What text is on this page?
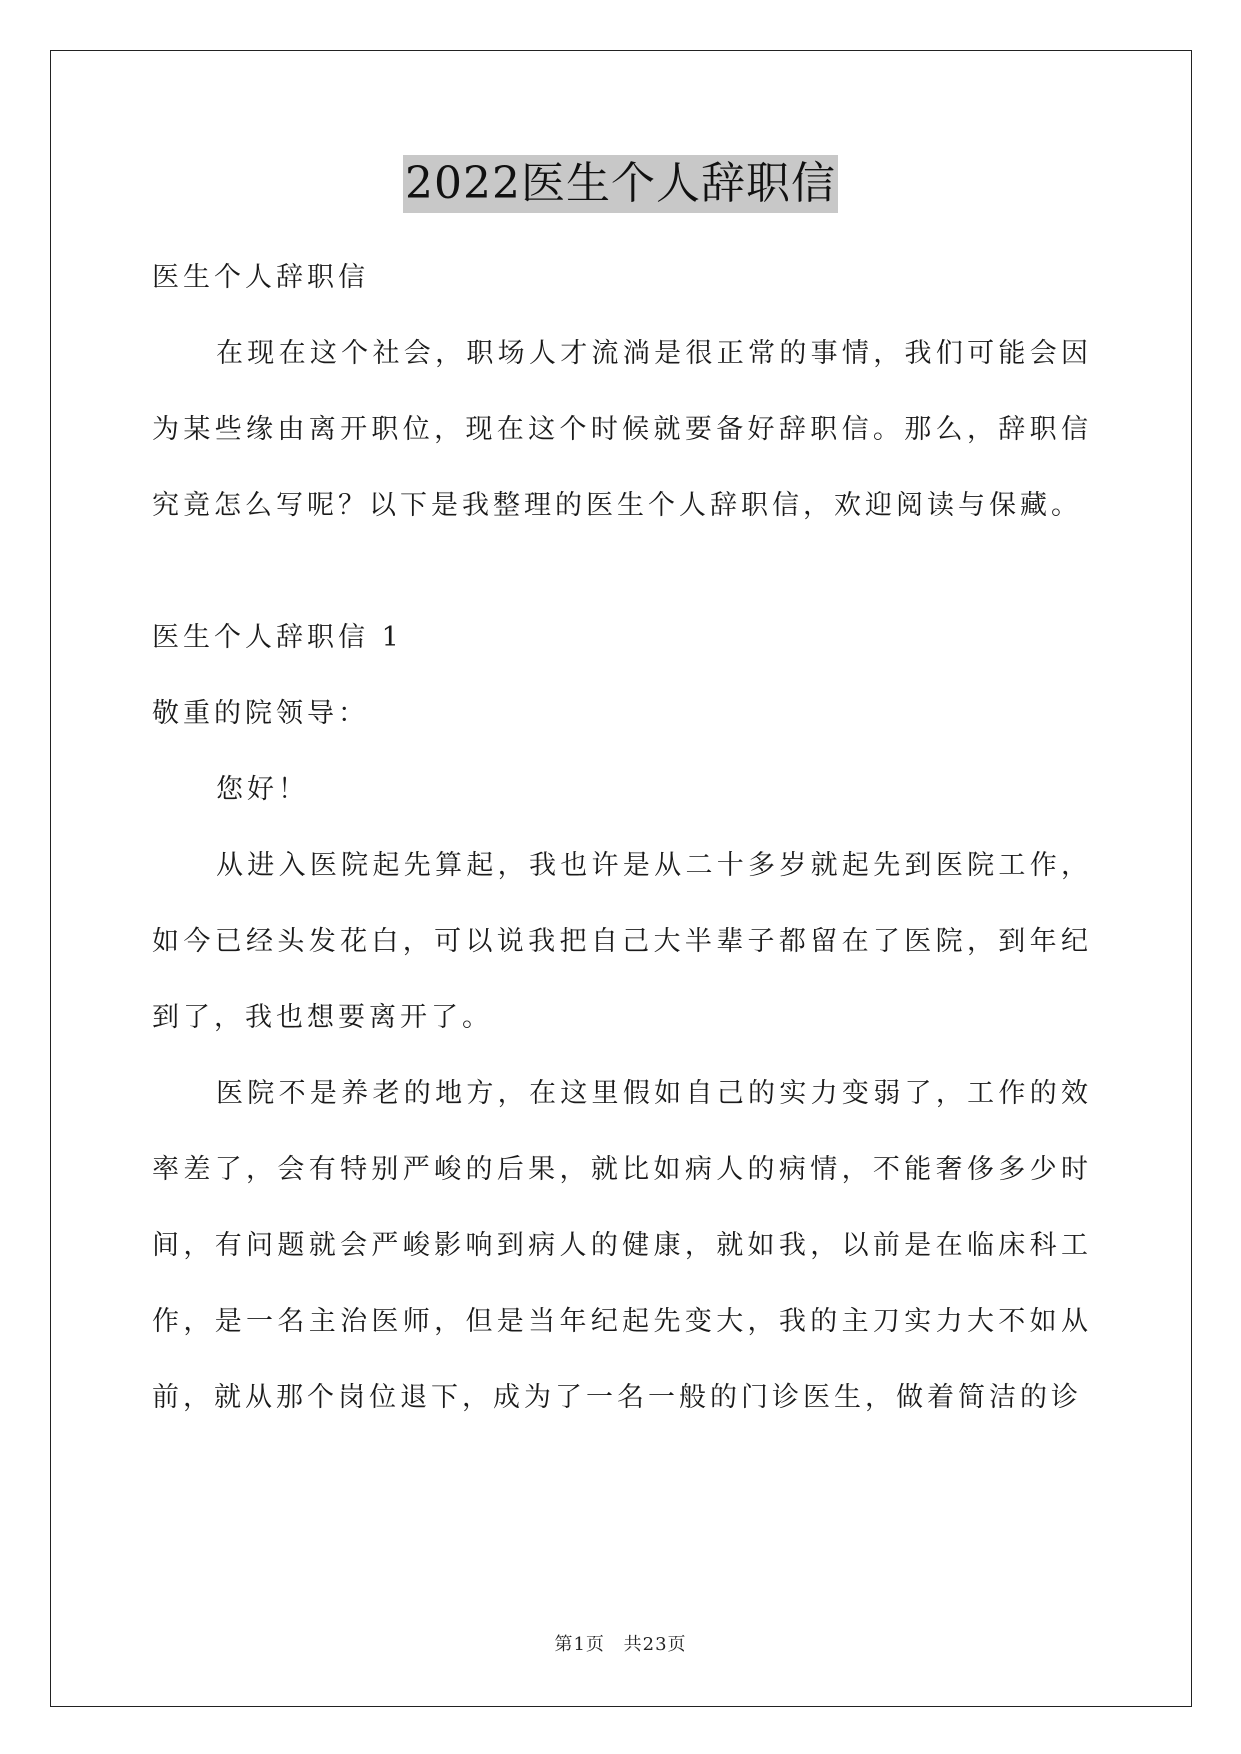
2022医生个人辞职信

医生个人辞职信

在现在这个社会，职场人才流淌是很正常的事情，我们可能会因为某些缘由离开职位，现在这个时候就要备好辞职信。那么，辞职信究竟怎么写呢？以下是我整理的医生个人辞职信，欢迎阅读与保藏。

医生个人辞职信 1

敬重的院领导：

您好！

从进入医院起先算起，我也许是从二十多岁就起先到医院工作，如今已经头发花白，可以说我把自己大半辈子都留在了医院，到年纪到了，我也想要离开了。

医院不是养老的地方，在这里假如自己的实力变弱了，工作的效率差了，会有特别严峻的后果，就比如病人的病情，不能奢侈多少时间，有问题就会严峻影响到病人的健康，就如我，以前是在临床科工作，是一名主治医师，但是当年纪起先变大，我的主刀实力大不如从前，就从那个岗位退下，成为了一名一般的门诊医生，做着简洁的诊

第1页 共23页
